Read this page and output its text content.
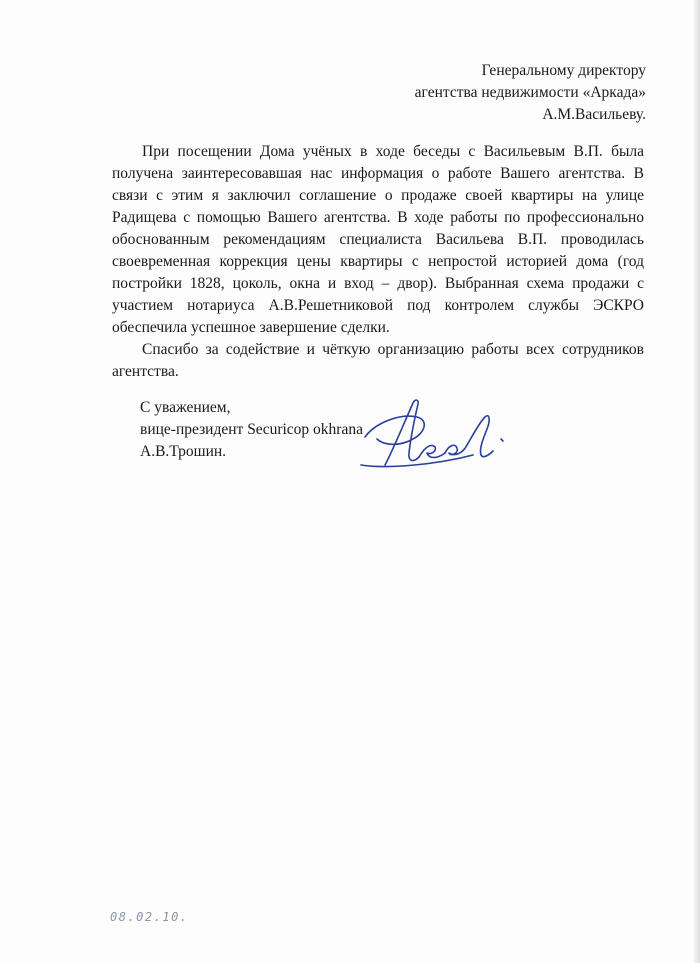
Генеральному директору
агентства недвижимости «Аркада»
А.М.Васильеву.

При посещении Дома учёных в ходе беседы с Васильевым В.П. была получена заинтересовавшая нас информация о работе Вашего агентства. В связи с этим я заключил соглашение о продаже своей квартиры на улице Радищева с помощью Вашего агентства. В ходе работы по профессионально обоснованным рекомендациям специалиста Васильева В.П. проводилась своевременная коррекция цены квартиры с непростой историей дома (год постройки 1828, цоколь, окна и вход – двор). Выбранная схема продажи с участием нотариуса А.В.Решетниковой под контролем службы ЭСКРО обеспечила успешное завершение сделки.

Спасибо за содействие и чёткую организацию работы всех сотрудников агентства.

С уважением,
вице-президент Securicop okhrana
А.В.Трошин.
08.02.10.
